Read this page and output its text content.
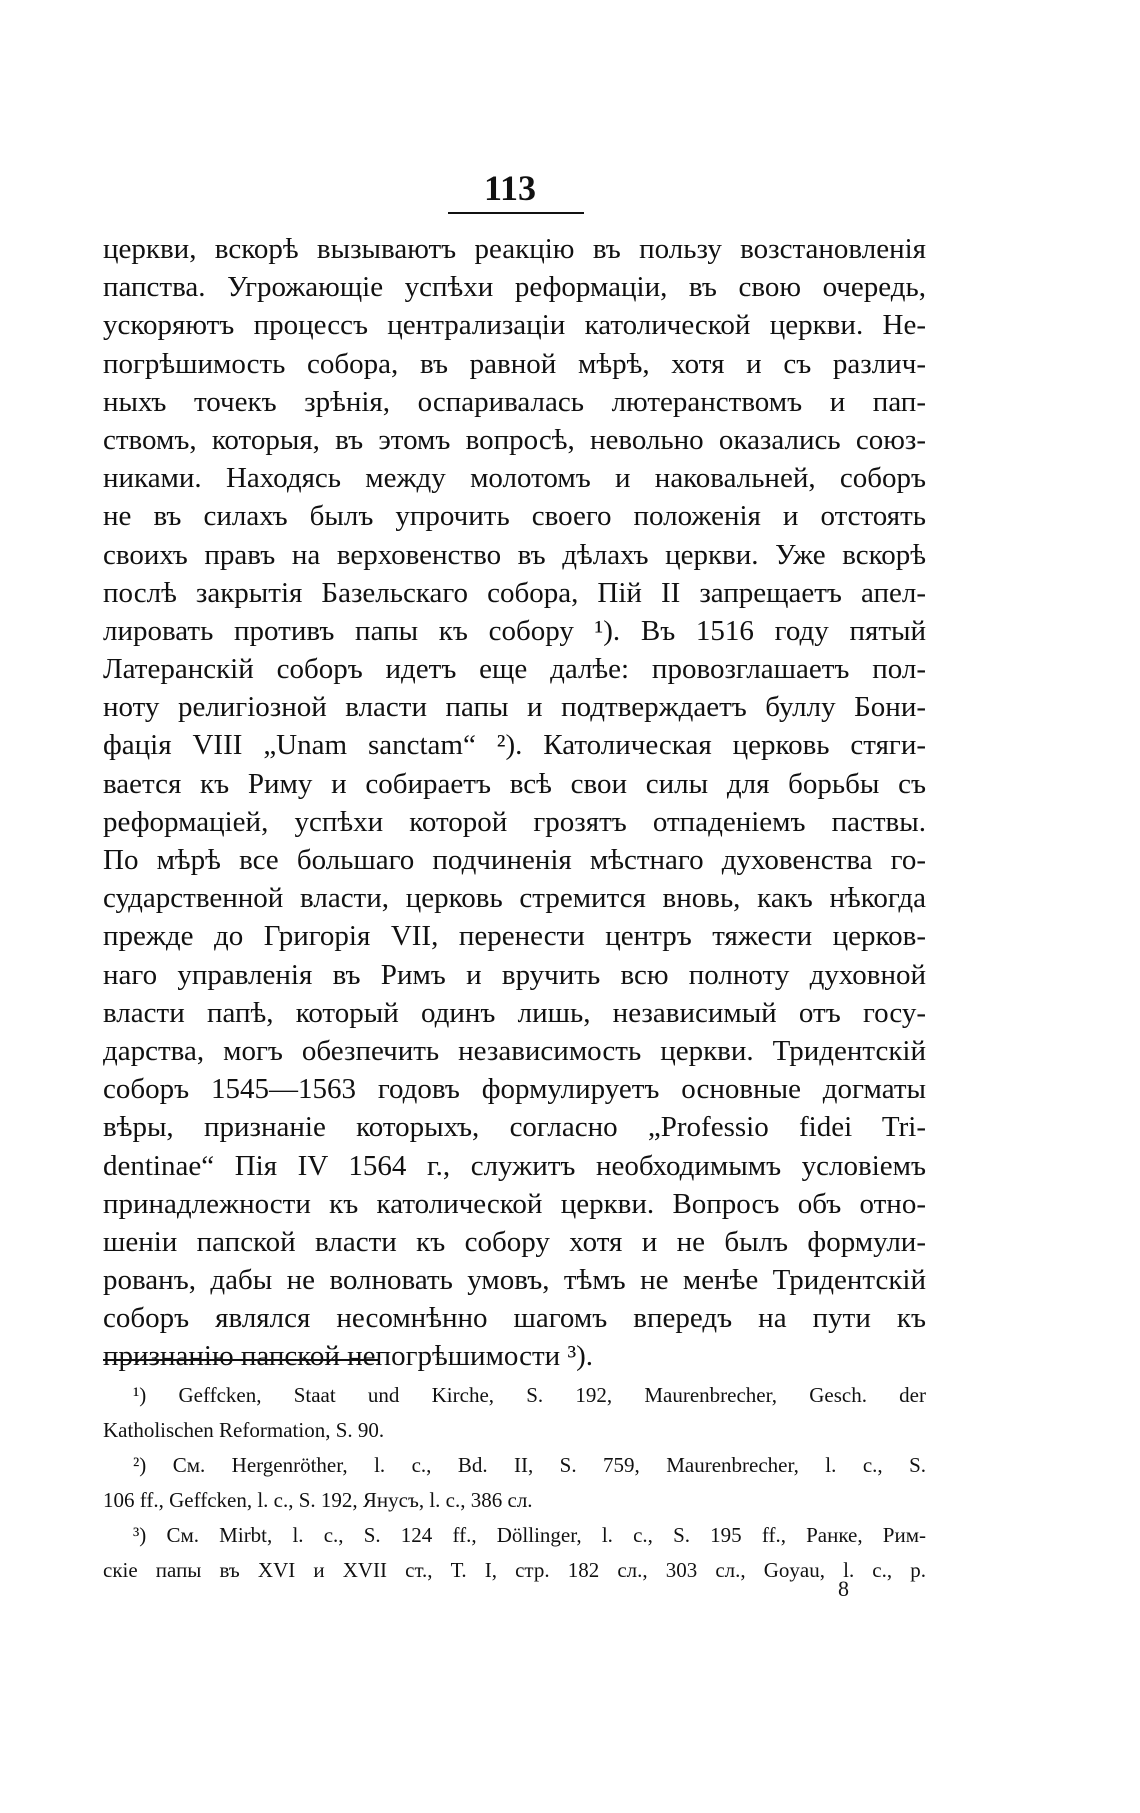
113
церкви, вскорѣ вызываютъ реакцію въ пользу возстановленія
папства. Угрожающіе успѣхи реформаціи, въ свою очередь,
ускоряютъ процессъ централизаціи католической церкви. Не-
погрѣшимость собора, въ равной мѣрѣ, хотя и съ различ-
ныхъ точекъ зрѣнія, оспаривалась лютеранствомъ и пап-
ствомъ, которыя, въ этомъ вопросѣ, невольно оказались союз-
никами. Находясь между молотомъ и наковальней, соборъ
не въ силахъ былъ упрочить своего положенія и отстоять
своихъ правъ на верховенство въ дѣлахъ церкви. Уже вскорѣ
послѣ закрытія Базельскаго собора, Пій II запрещаетъ апел-
лировать противъ папы къ собору ¹). Въ 1516 году пятый
Латеранскій соборъ идетъ еще далѣе: провозглашаетъ пол-
ноту религіозной власти папы и подтверждаетъ буллу Бони-
фація VIII „Unam sanctam“ ²). Католическая церковь стяги-
вается къ Риму и собираетъ всѣ свои силы для борьбы съ
реформаціей, успѣхи которой грозятъ отпаденіемъ паствы.
По мѣрѣ все большаго подчиненія мѣстнаго духовенства го-
сударственной власти, церковь стремится вновь, какъ нѣкогда
прежде до Григорія VII, перенести центръ тяжести церков-
наго управленія въ Римъ и вручить всю полноту духовной
власти папѣ, который одинъ лишь, независимый отъ госу-
дарства, могъ обезпечить независимость церкви. Тридентскій
соборъ 1545—1563 годовъ формулируетъ основные догматы
вѣры, признаніе которыхъ, согласно „Professio fidei Tri-
dentinae“ Пія IV 1564 г., служитъ необходимымъ условіемъ
принадлежности къ католической церкви. Вопросъ объ отно-
шеніи папской власти къ собору хотя и не былъ формули-
рованъ, дабы не волновать умовъ, тѣмъ не менѣе Тридентскій
соборъ являлся несомнѣнно шагомъ впередъ на пути къ
признанію папской непогрѣшимости ³).
¹) Geffcken, Staat und Kirche, S. 192, Maurenbrecher, Gesch. der
Katholischen Reformation, S. 90.
²) См. Hergenröther, l. c., Bd. II, S. 759, Maurenbrecher, l. c., S.
106 ff., Geffcken, l. c., S. 192, Янусъ, l. c., 386 сл.
³) См. Mirbt, l. c., S. 124 ff., Döllinger, l. c., S. 195 ff., Ранке, Рим-
скіе папы въ XVI и XVII ст., Т. I, стр. 182 сл., 303 сл., Goyau, l. c., p.
8
